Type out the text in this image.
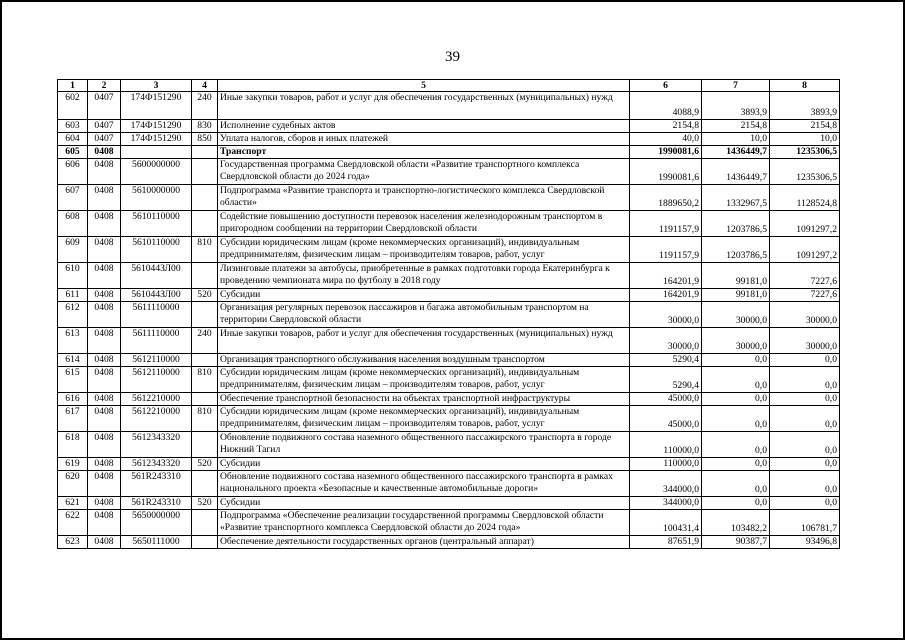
39
1	2	3	4	5	6	7	8
602	0407	174Ф151290	240	Иные закупки товаров, работ и услуг для обеспечения государственных (муниципальных) нужд	4088,9	3893,9	3893,9
603	0407	174Ф151290	830	Исполнение судебных актов	2154,8	2154,8	2154,8
604	0407	174Ф151290	850	Уплата налогов, сборов и иных платежей	40,0	10,0	10,0
605	0408			Транспорт	1990081,6	1436449,7	1235306,5
606	0408	5600000000		Государственная программа Свердловской области «Развитие транспортного комплекса Свердловской области до 2024 года»	1990081,6	1436449,7	1235306,5
607	0408	5610000000		Подпрограмма «Развитие транспорта и транспортно-логистического комплекса Свердловской области»	1889650,2	1332967,5	1128524,8
608	0408	5610110000		Содействие повышению доступности перевозок населения железнодорожным транспортом в пригородном сообщении на территории Свердловской области	1191157,9	1203786,5	1091297,2
609	0408	5610110000	810	Субсидии юридическим лицам (кроме некоммерческих организаций), индивидуальным предпринимателям, физическим лицам – производителям товаров, работ, услуг	1191157,9	1203786,5	1091297,2
610	0408	561044ЗЛ00		Лизинговые платежи за автобусы, приобретенные в рамках подготовки города Екатеринбурга к проведению чемпионата мира по футболу в 2018 году	164201,9	99181,0	7227,6
611	0408	561044ЗЛ00	520	Субсидии	164201,9	99181,0	7227,6
612	0408	5611110000		Организация регулярных перевозок пассажиров и багажа автомобильным транспортом на территории Свердловской области	30000,0	30000,0	30000,0
613	0408	5611110000	240	Иные закупки товаров, работ и услуг для обеспечения государственных (муниципальных) нужд	30000,0	30000,0	30000,0
614	0408	5612110000		Организация транспортного обслуживания населения воздушным транспортом	5290,4	0,0	0,0
615	0408	5612110000	810	Субсидии юридическим лицам (кроме некоммерческих организаций), индивидуальным предпринимателям, физическим лицам – производителям товаров, работ, услуг	5290,4	0,0	0,0
616	0408	5612210000		Обеспечение транспортной безопасности на объектах транспортной инфраструктуры	45000,0	0,0	0,0
617	0408	5612210000	810	Субсидии юридическим лицам (кроме некоммерческих организаций), индивидуальным предпринимателям, физическим лицам – производителям товаров, работ, услуг	45000,0	0,0	0,0
618	0408	5612343320		Обновление подвижного состава наземного общественного пассажирского транспорта в городе Нижний Тагил	110000,0	0,0	0,0
619	0408	5612343320	520	Субсидии	110000,0	0,0	0,0
620	0408	561R243310		Обновление подвижного состава наземного общественного пассажирского транспорта в рамках национального проекта «Безопасные и качественные автомобильные дороги»	344000,0	0,0	0,0
621	0408	561R243310	520	Субсидии	344000,0	0,0	0,0
622	0408	5650000000		Подпрограмма «Обеспечение реализации государственной программы Свердловской области «Развитие транспортного комплекса Свердловской области до 2024 года»	100431,4	103482,2	106781,7
623	0408	5650111000		Обеспечение деятельности государственных органов (центральный аппарат)	87651,9	90387,7	93496,8
